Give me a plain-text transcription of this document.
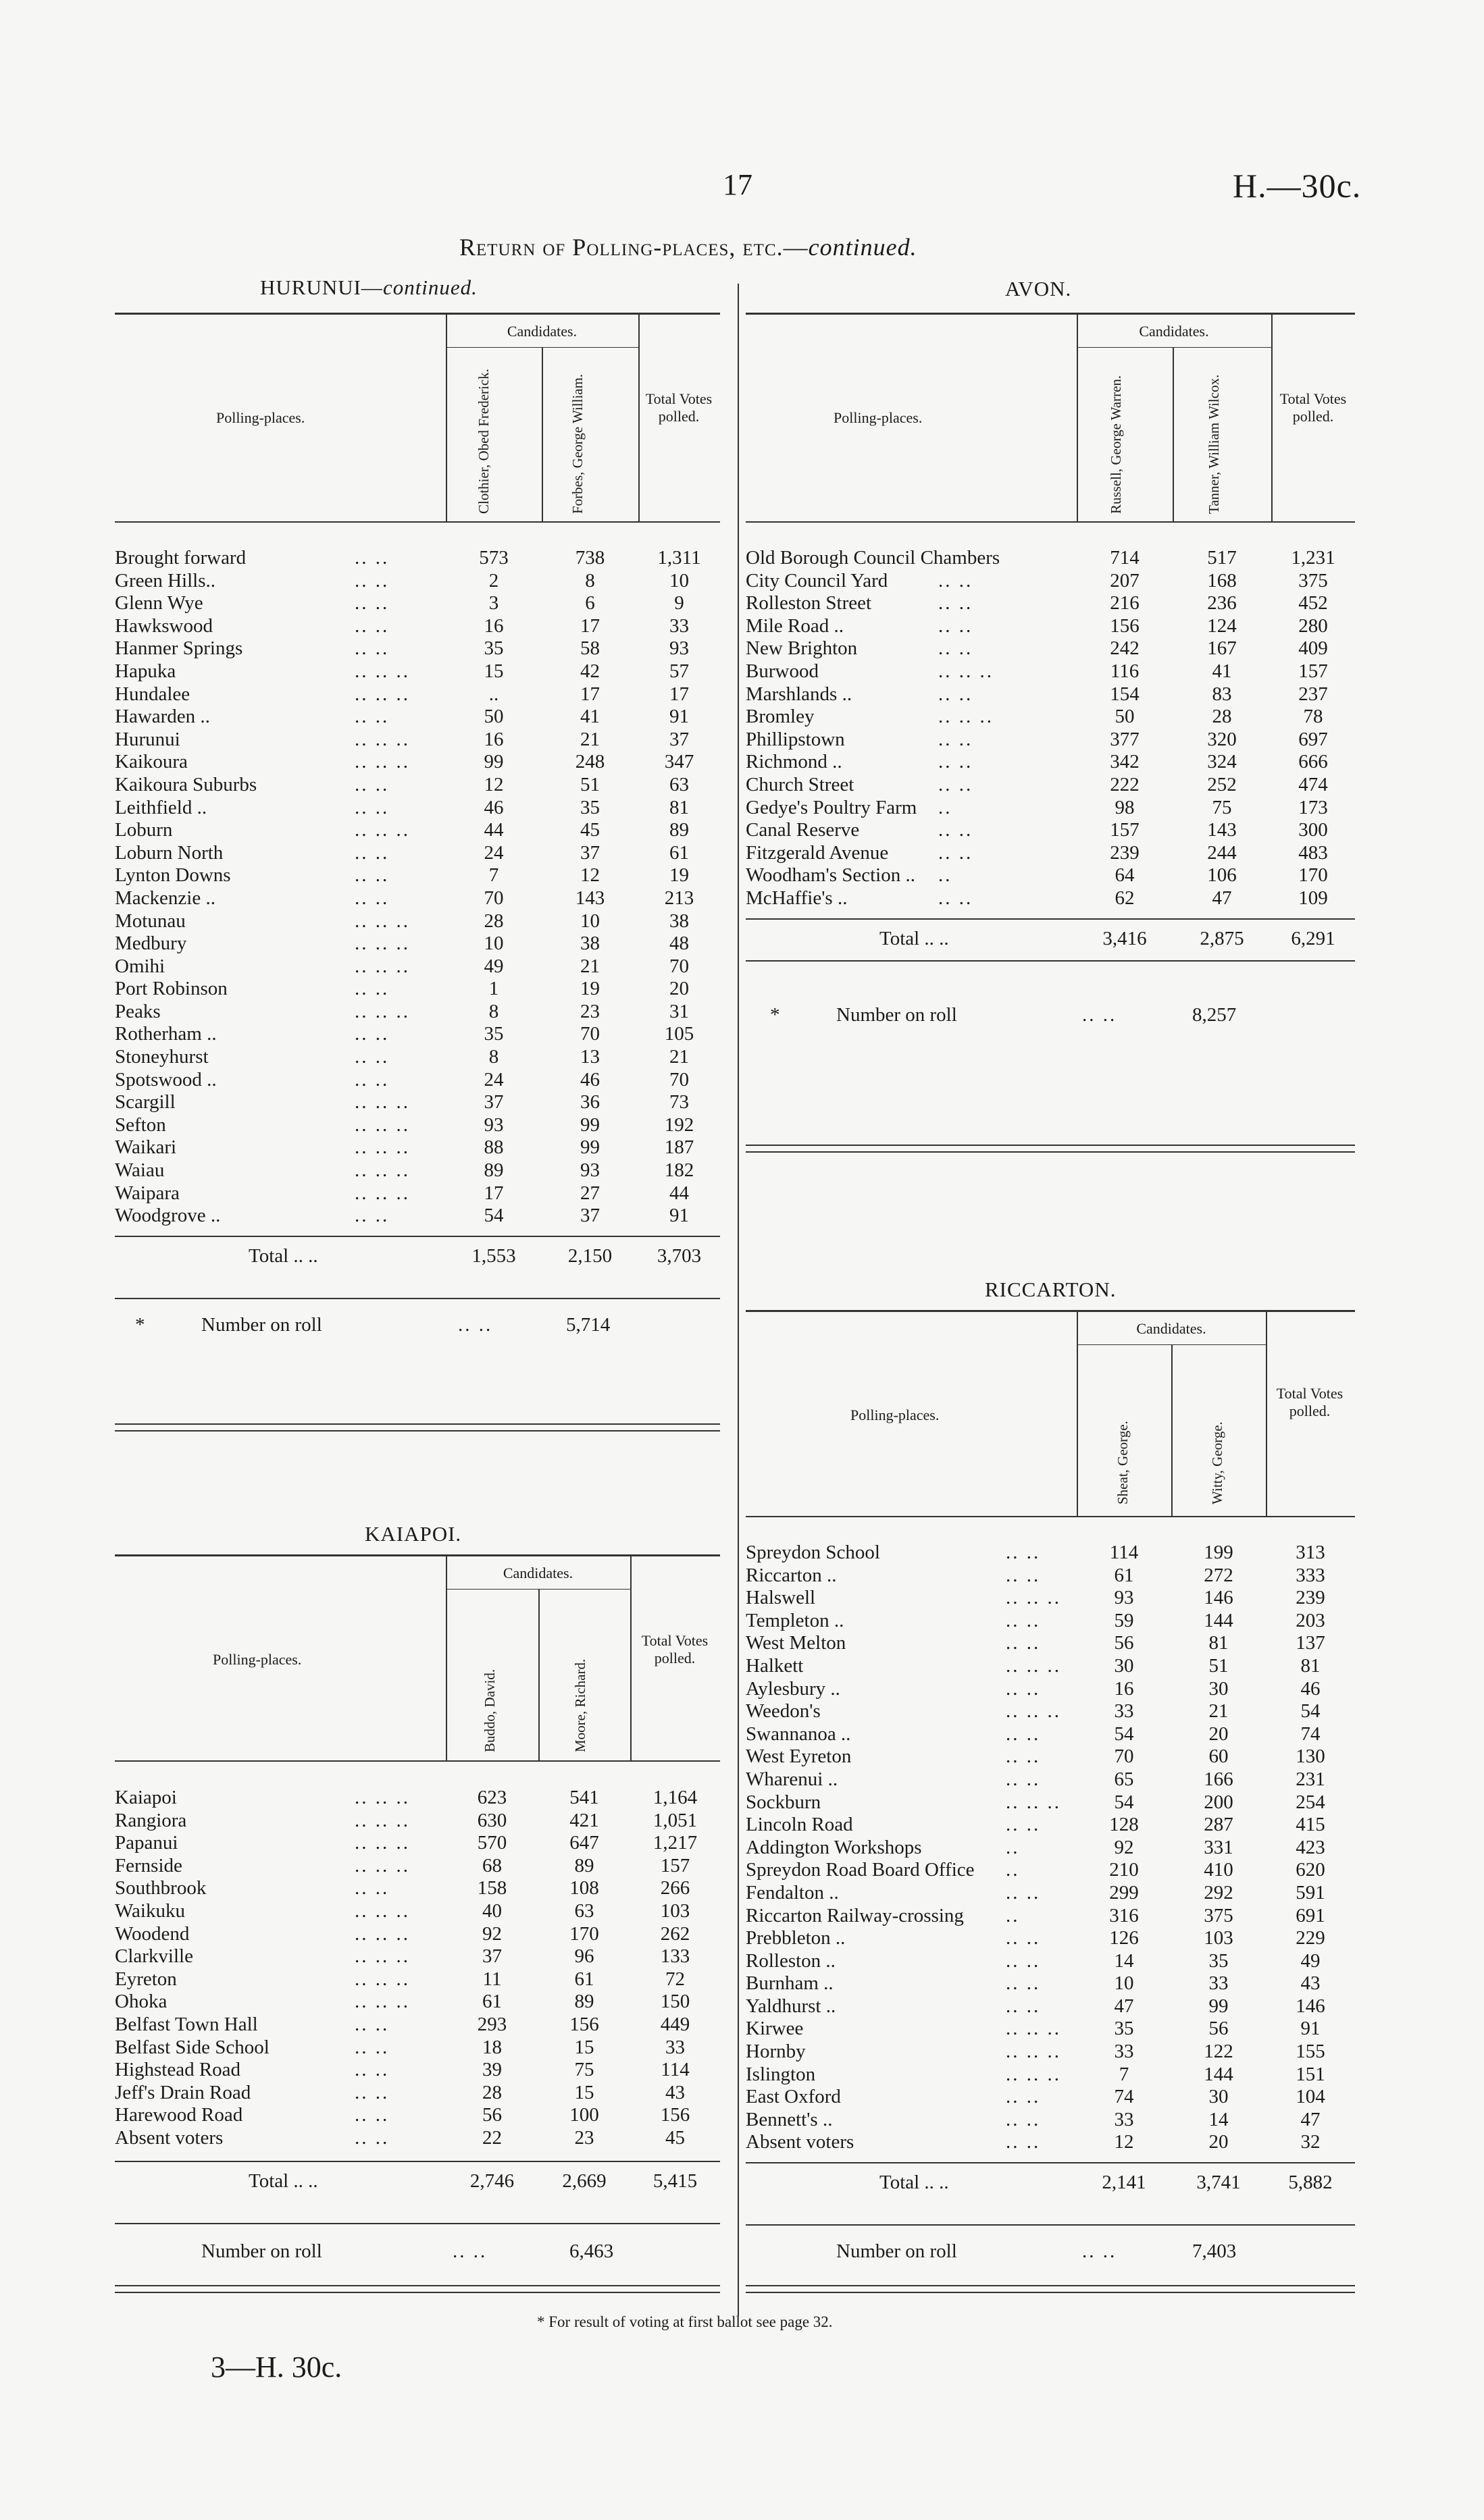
17	H.—30c.
Return of Polling-places, etc.—continued.
HURUNUI—continued.
Polling-places.
Candidates.
Total Votes polled.
Clothier, Obed Frederick.	Forbes, George William.
Brought forward	.. ..	573	738	1,311
Green Hills..	.. ..	2	8	10
Glenn Wye	.. ..	3	6	9
Hawkswood	.. ..	16	17	33
Hanmer Springs	.. ..	35	58	93
Hapuka	.. .. ..	15	42	57
Hundalee	.. .. ..	..	17	17
Hawarden ..	.. ..	50	41	91
Hurunui	.. .. ..	16	21	37
Kaikoura	.. .. ..	99	248	347
Kaikoura Suburbs	.. ..	12	51	63
Leithfield ..	.. ..	46	35	81
Loburn	.. .. ..	44	45	89
Loburn North	.. ..	24	37	61
Lynton Downs	.. ..	7	12	19
Mackenzie ..	.. ..	70	143	213
Motunau	.. .. ..	28	10	38
Medbury	.. .. ..	10	38	48
Omihi	.. .. ..	49	21	70
Port Robinson	.. ..	1	19	20
Peaks	.. .. ..	8	23	31
Rotherham ..	.. ..	35	70	105
Stoneyhurst	.. ..	8	13	21
Spotswood ..	.. ..	24	46	70
Scargill	.. .. ..	37	36	73
Sefton	.. .. ..	93	99	192
Waikari	.. .. ..	88	99	187
Waiau	.. .. ..	89	93	182
Waipara	.. .. ..	17	27	44
Woodgrove ..	.. ..	54	37	91
Total .. ..	1,553	2,150	3,703
*	Number on roll	.. ..	5,714
KAIAPOI.
Polling-places.
Candidates.
Total Votes polled.
Buddo, David.	Moore, Richard.
Kaiapoi	.. .. ..	623	541	1,164
Rangiora	.. .. ..	630	421	1,051
Papanui	.. .. ..	570	647	1,217
Fernside	.. .. ..	68	89	157
Southbrook	.. ..	158	108	266
Waikuku	.. .. ..	40	63	103
Woodend	.. .. ..	92	170	262
Clarkville	.. .. ..	37	96	133
Eyreton	.. .. ..	11	61	72
Ohoka	.. .. ..	61	89	150
Belfast Town Hall	.. ..	293	156	449
Belfast Side School	.. ..	18	15	33
Highstead Road	.. ..	39	75	114
Jeff's Drain Road	.. ..	28	15	43
Harewood Road	.. ..	56	100	156
Absent voters	.. ..	22	23	45
Total .. ..	2,746	2,669	5,415
Number on roll	.. ..	6,463
AVON.
Polling-places.
Candidates.
Total Votes polled.
Russell, George Warren.	Tanner, William Wilcox.
Old Borough Council Chambers	714	517	1,231
City Council Yard	.. ..	207	168	375
Rolleston Street	.. ..	216	236	452
Mile Road ..	.. ..	156	124	280
New Brighton	.. ..	242	167	409
Burwood	.. .. ..	116	41	157
Marshlands ..	.. ..	154	83	237
Bromley	.. .. ..	50	28	78
Phillipstown	.. ..	377	320	697
Richmond ..	.. ..	342	324	666
Church Street	.. ..	222	252	474
Gedye's Poultry Farm ..	98	75	173
Canal Reserve	.. ..	157	143	300
Fitzgerald Avenue	.. ..	239	244	483
Woodham's Section .. ..	64	106	170
McHaffie's ..	.. ..	62	47	109
Total .. ..	3,416	2,875	6,291
*	Number on roll	.. ..	8,257
RICCARTON.
Polling-places.
Candidates.
Total Votes polled.
Sheat, George.	Witty, George.
Spreydon School	.. ..	114	199	313
Riccarton ..	.. ..	61	272	333
Halswell	.. .. ..	93	146	239
Templeton ..	.. ..	59	144	203
West Melton	.. ..	56	81	137
Halkett	.. .. ..	30	51	81
Aylesbury ..	.. ..	16	30	46
Weedon's	.. .. ..	33	21	54
Swannanoa ..	.. ..	54	20	74
West Eyreton	.. ..	70	60	130
Wharenui ..	.. ..	65	166	231
Sockburn	.. .. ..	54	200	254
Lincoln Road	.. ..	128	287	415
Addington Workshops	..	92	331	423
Spreydon Road Board Office ..	210	410	620
Fendalton ..	.. ..	299	292	591
Riccarton Railway-crossing ..	316	375	691
Prebbleton ..	.. ..	126	103	229
Rolleston ..	.. ..	14	35	49
Burnham ..	.. ..	10	33	43
Yaldhurst ..	.. ..	47	99	146
Kirwee	.. .. ..	35	56	91
Hornby	.. .. ..	33	122	155
Islington	.. .. ..	7	144	151
East Oxford	.. ..	74	30	104
Bennett's ..	.. ..	33	14	47
Absent voters	.. ..	12	20	32
Total .. ..	2,141	3,741	5,882
Number on roll	.. ..	7,403
* For result of voting at first ballot see page 32.
3—H. 30c.
